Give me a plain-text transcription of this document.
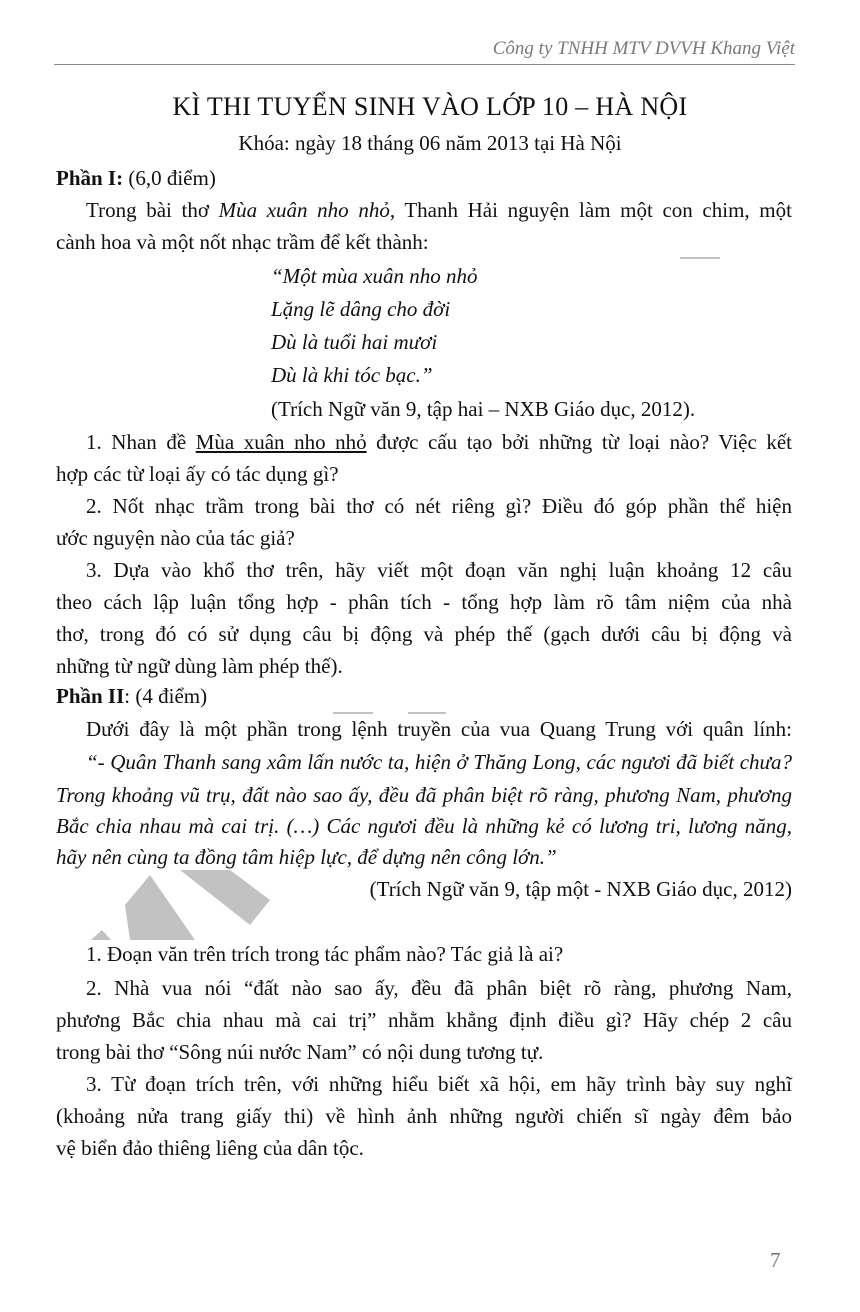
Công ty TNHH MTV DVVH Khang Việt
KÌ THI TUYỂN SINH VÀO LỚP 10 – HÀ NỘI
Khóa: ngày 18 tháng 06 năm 2013 tại Hà Nội
Phần I: (6,0 điểm)
Trong bài thơ Mùa xuân nho nhỏ, Thanh Hải nguyện làm một con chim, một
cành hoa và một nốt nhạc trầm để kết thành:
“Một mùa xuân nho nhỏ
Lặng lẽ dâng cho đời
Dù là tuổi hai mươi
Dù là khi tóc bạc.”
(Trích Ngữ văn 9, tập hai – NXB Giáo dục, 2012).
1. Nhan đề Mùa xuân nho nhỏ được cấu tạo bởi những từ loại nào? Việc kết
hợp các từ loại ấy có tác dụng gì?
2. Nốt nhạc trầm trong bài thơ có nét riêng gì? Điều đó góp phần thể hiện
ước nguyện nào của tác giả?
3. Dựa vào khổ thơ trên, hãy viết một đoạn văn nghị luận khoảng 12 câu
theo cách lập luận tổng hợp - phân tích - tổng hợp làm rõ tâm niệm của nhà
thơ, trong đó có sử dụng câu bị động và phép thế (gạch dưới câu bị động và
những từ ngữ dùng làm phép thế).
Phần II: (4 điểm)
Dưới đây là một phần trong lệnh truyền của vua Quang Trung với quân lính:
“- Quân Thanh sang xâm lấn nước ta, hiện ở Thăng Long, các ngươi đã biết chưa?
Trong khoảng vũ trụ, đất nào sao ấy, đều đã phân biệt rõ ràng, phương Nam, phương
Bắc chia nhau mà cai trị. (…) Các ngươi đều là những kẻ có lương tri, lương năng,
hãy nên cùng ta đồng tâm hiệp lực, để dựng nên công lớn.”
(Trích Ngữ văn 9, tập một - NXB Giáo dục, 2012)
1. Đoạn văn trên trích trong tác phẩm nào? Tác giả là ai?
2. Nhà vua nói “đất nào sao ấy, đều đã phân biệt rõ ràng, phương Nam,
phương Bắc chia nhau mà cai trị” nhằm khẳng định điều gì? Hãy chép 2 câu
trong bài thơ “Sông núi nước Nam” có nội dung tương tự.
3. Từ đoạn trích trên, với những hiểu biết xã hội, em hãy trình bày suy nghĩ
(khoảng nửa trang giấy thi) về hình ảnh những người chiến sĩ ngày đêm bảo
vệ biển đảo thiêng liêng của dân tộc.
7
